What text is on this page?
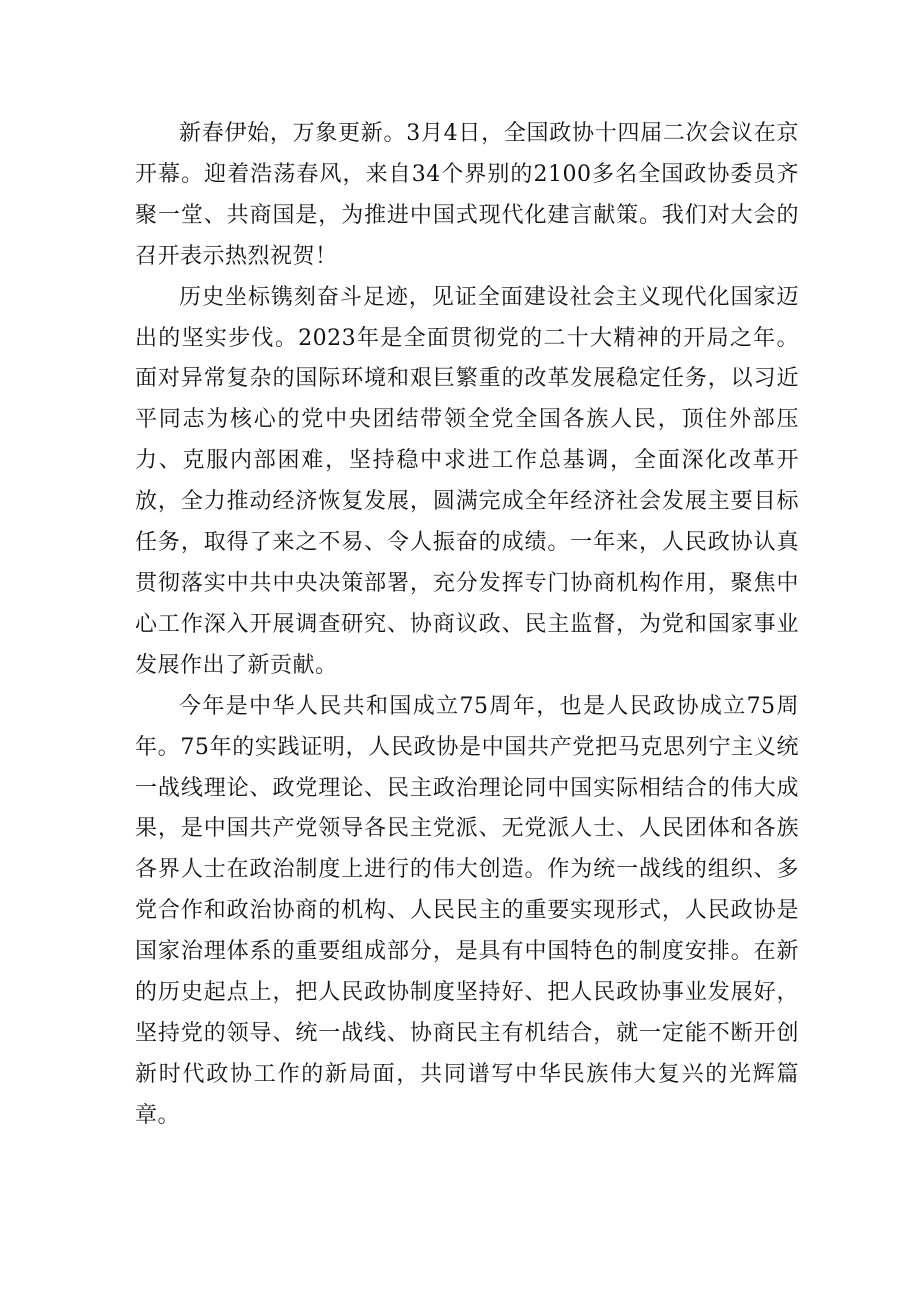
新春伊始，万象更新。3月4日，全国政协十四届二次会议在京开幕。迎着浩荡春风，来自34个界别的2100多名全国政协委员齐聚一堂、共商国是，为推进中国式现代化建言献策。我们对大会的召开表示热烈祝贺！

历史坐标镌刻奋斗足迹，见证全面建设社会主义现代化国家迈出的坚实步伐。2023年是全面贯彻党的二十大精神的开局之年。面对异常复杂的国际环境和艰巨繁重的改革发展稳定任务，以习近平同志为核心的党中央团结带领全党全国各族人民，顶住外部压力、克服内部困难，坚持稳中求进工作总基调，全面深化改革开放，全力推动经济恢复发展，圆满完成全年经济社会发展主要目标任务，取得了来之不易、令人振奋的成绩。一年来，人民政协认真贯彻落实中共中央决策部署，充分发挥专门协商机构作用，聚焦中心工作深入开展调查研究、协商议政、民主监督，为党和国家事业发展作出了新贡献。

今年是中华人民共和国成立75周年，也是人民政协成立75周年。75年的实践证明，人民政协是中国共产党把马克思列宁主义统一战线理论、政党理论、民主政治理论同中国实际相结合的伟大成果，是中国共产党领导各民主党派、无党派人士、人民团体和各族各界人士在政治制度上进行的伟大创造。作为统一战线的组织、多党合作和政治协商的机构、人民民主的重要实现形式，人民政协是国家治理体系的重要组成部分，是具有中国特色的制度安排。在新的历史起点上，把人民政协制度坚持好、把人民政协事业发展好，坚持党的领导、统一战线、协商民主有机结合，就一定能不断开创新时代政协工作的新局面，共同谱写中华民族伟大复兴的光辉篇章。
